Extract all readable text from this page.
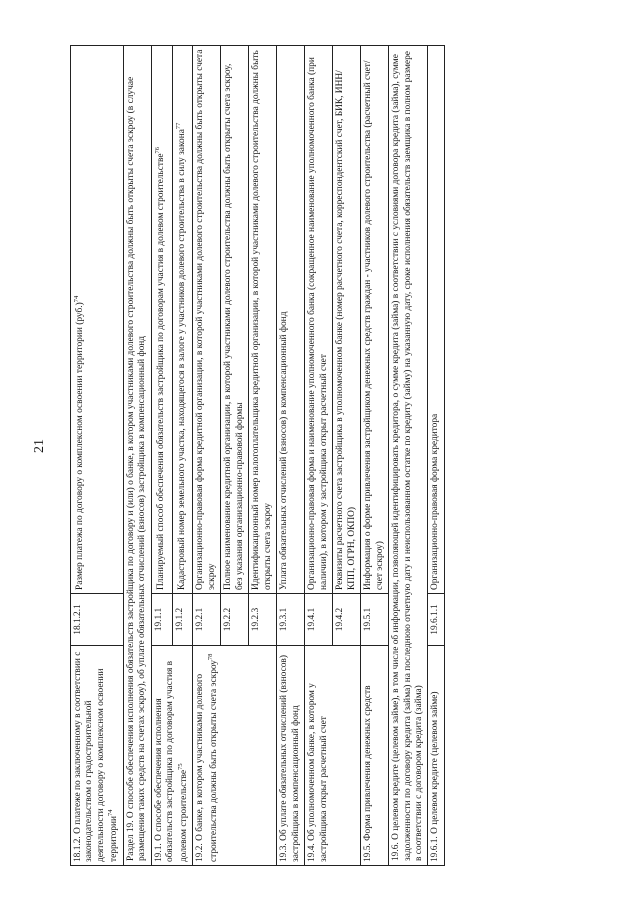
21
18.1.2. О платеже по заключенному в соответствии с законодательством о градостроительной деятельности договору о комплексном освоении территории$^{74}$	18.1.2.1	Размер платежа по договору о комплексном освоении территории $(руб.)^{74}$
Раздел 19. О способе обеспечения исполнения обязательств застройщика по договору и (или) о банке, в котором участниками долевого строительства должны быть открыты счета эскроу (в случае размещения таких средств на счетах эскроу), об уплате обязательных отчислений (взносов) застройщика в компенсационный фонд		
19.1. О способе обеспечения исполнения обязательств застройщика по договорам участия в долевом строительстве$^{75}$	19.1.1	Планируемый способ обеспечения обязательств застройщика по договорам участия в долевом строительстве$^{76}$
	19.1.2	Кадастровый номер земельного участка, находящегося в залоге у участников долевого строительства в силу закона$^{77}$
19.2. О банке, в котором участниками долевого строительства должны быть открыты счета эскроу$^{78}$	19.2.1	Организационно-правовая форма кредитной организации, в которой участниками долевого строительства должны быть открыты счета эскроу
	19.2.2	Полное наименование кредитной организации, в которой участниками долевого строительства должны быть открыты счета эскроу, без указания организационно-правовой формы
	19.2.3	Идентификационный номер налогоплательщика кредитной организации, в которой участниками долевого строительства должны быть открыты счета эскроу
19.3. Об уплате обязательных отчислений (взносов) застройщика в компенсационный фонд	19.3.1	Уплата обязательных отчислений (взносов) в компенсационный фонд
19.4. Об уполномоченном банке, в котором у застройщика открыт расчетный счет	19.4.1	Организационно-правовая форма и наименование уполномоченного банка (сокращенное наименование уполномоченного банка (при наличии), в котором у застройщика открыт расчетный счет
	19.4.2	Реквизиты расчетного счета застройщика в уполномоченном банке (номер расчетного счета, корреспондентский счет, БИК, ИНН/КПП, ОГРН, ОКПО)
19.5. Форма привлечения денежных средств	19.5.1	Информация о форме привлечения застройщиком денежных средств граждан - участников долевого строительства (расчетный счет/счет эскроу)
19.6. О целевом кредите (целевом займе), в том числе об информации, позволяющей идентифицировать кредитора, о сумме кредита (займа) в соответствии с условиями договора кредита (займа), сумме задолженности по договору кредита (займа) на последнюю отчетную дату и неиспользованном остатке по кредиту (займу) на указанную дату, сроке исполнения обязательств заемщика в полном размере в соответствии с договором кредита (займа)		
19.6.1. О целевом кредите (целевом займе)	19.6.1.1	Организационно-правовая форма кредитора
